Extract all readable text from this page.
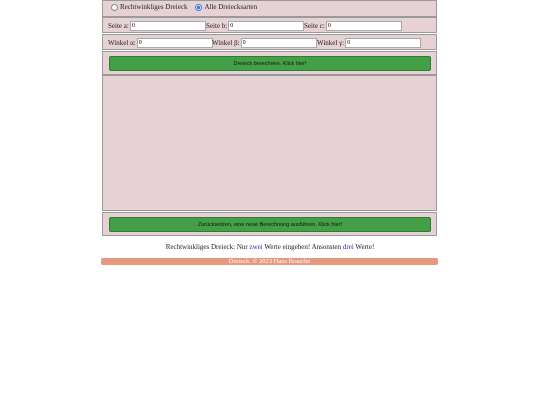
Rechtwinkliges Dreieck Alle Dreiecksarten
Seite a:
0	Seite b:
0	Seite c:
0
Winkel α:
0	Winkel β:
0	Winkel γ:
0
Dreieck berechnen. Klick hier!
Zurücksetzen, eine neue Berechnung ausführen. Klick hier!
Rechtwinkliges Dreieck: Nur zwei Werte eingeben! Ansonsten drei Werte!
Dreieck. © 2023 Hans Brauche
